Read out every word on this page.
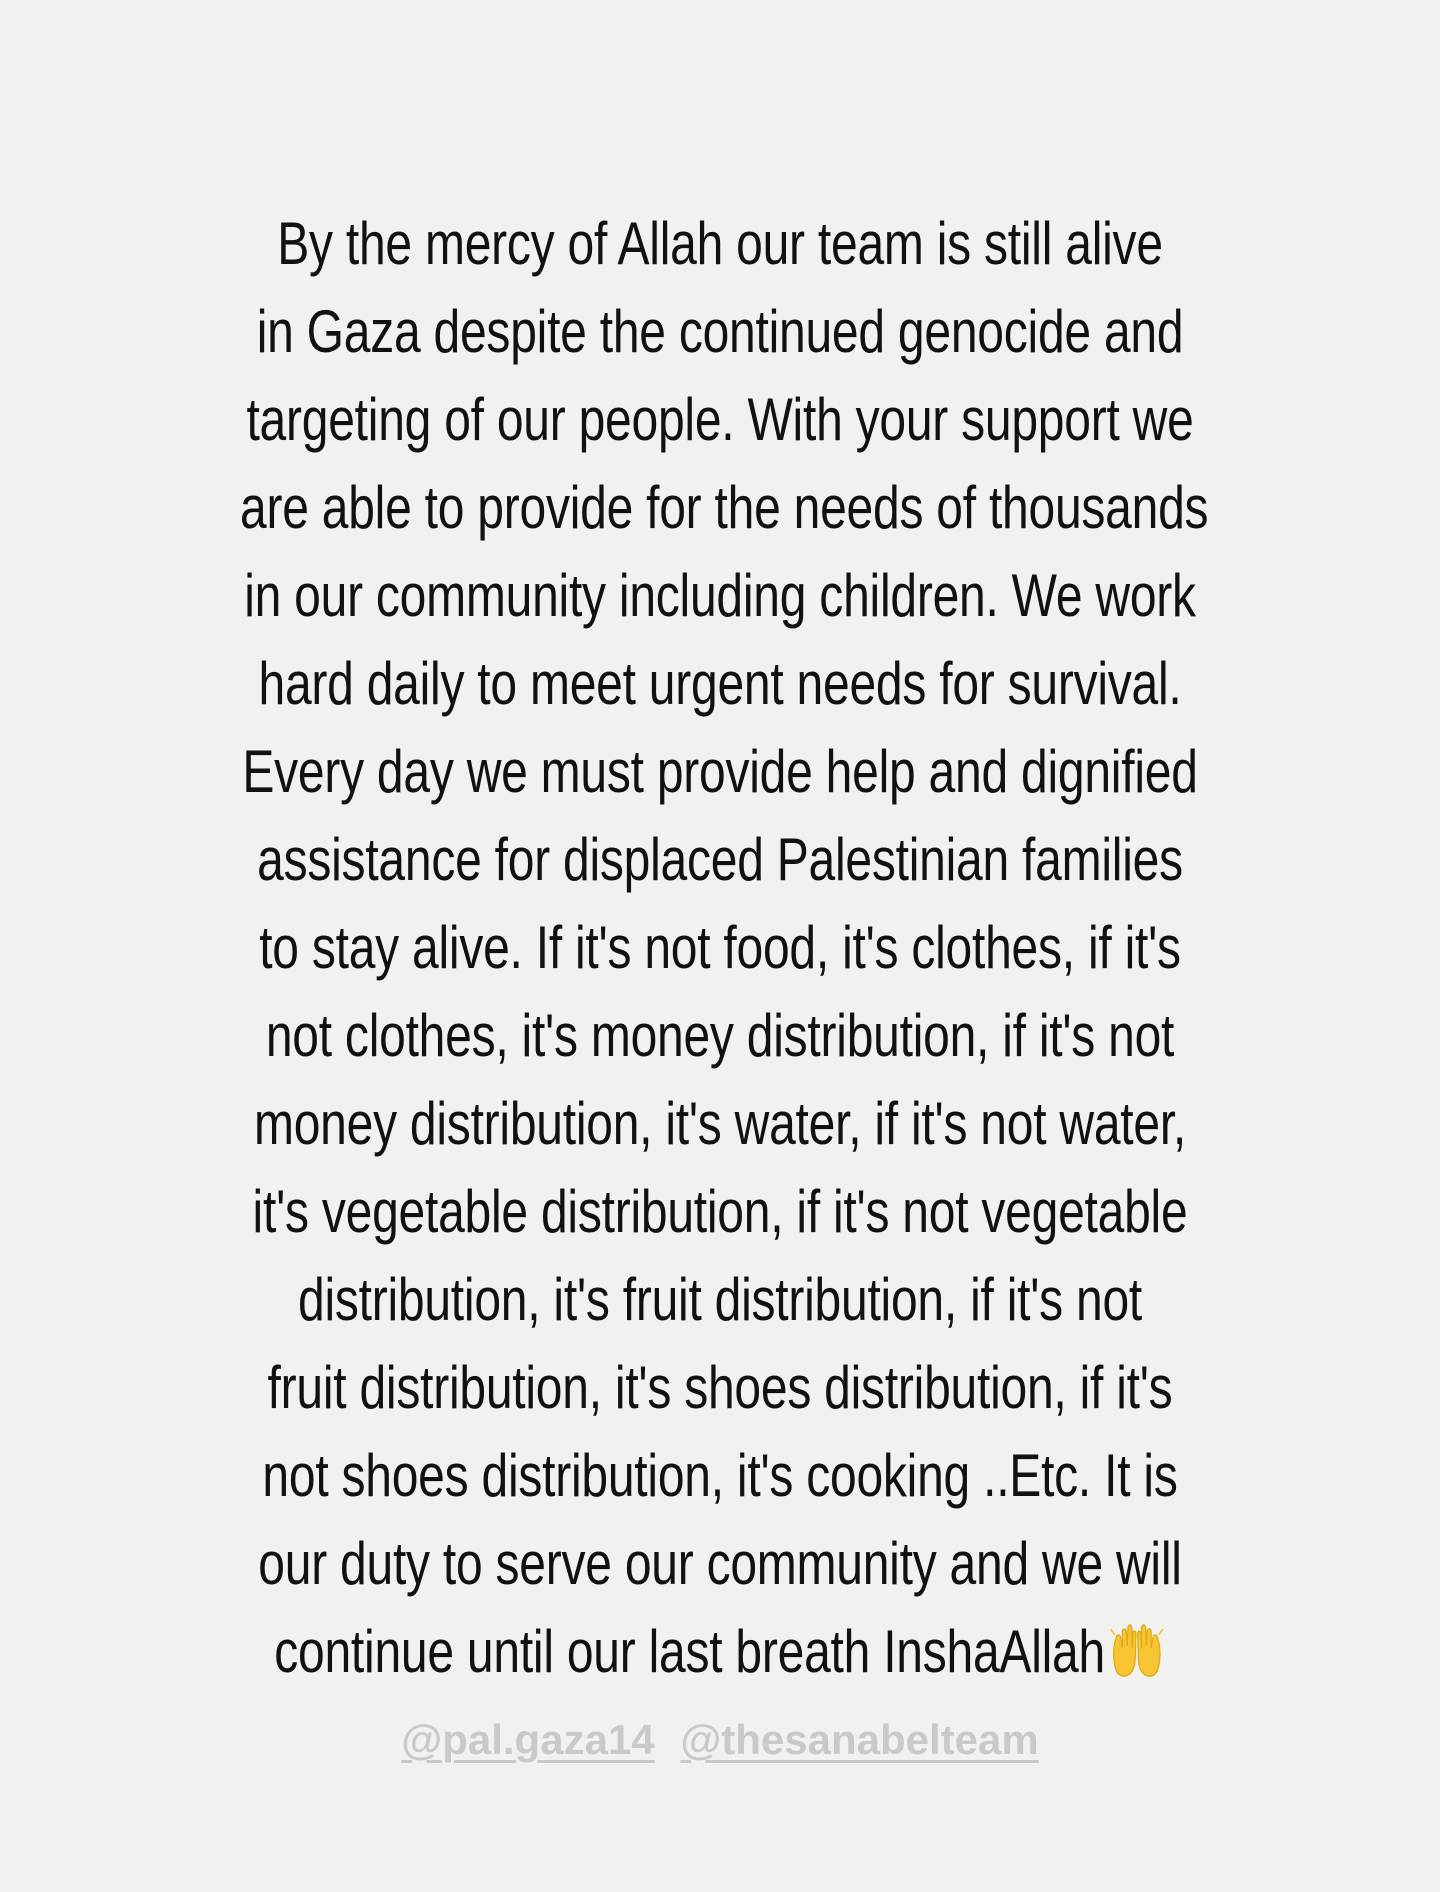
By the mercy of Allah our team is still alive
in Gaza despite the continued genocide and
targeting of our people. With your support we
are able to provide for the needs of thousands
in our community including children. We work
hard daily to meet urgent needs for survival.
Every day we must provide help and dignified
assistance for displaced Palestinian families
to stay alive. If it's not food, it's clothes, if it's
not clothes, it's money distribution, if it's not
money distribution, it's water, if it's not water,
it's vegetable distribution, if it's not vegetable
distribution, it's fruit distribution, if it's not
fruit distribution, it's shoes distribution, if it's
not shoes distribution, it's cooking ..Etc. It is
our duty to serve our community and we will
continue until our last breath InshaAllah
@pal.gaza14 @thesanabelteam
